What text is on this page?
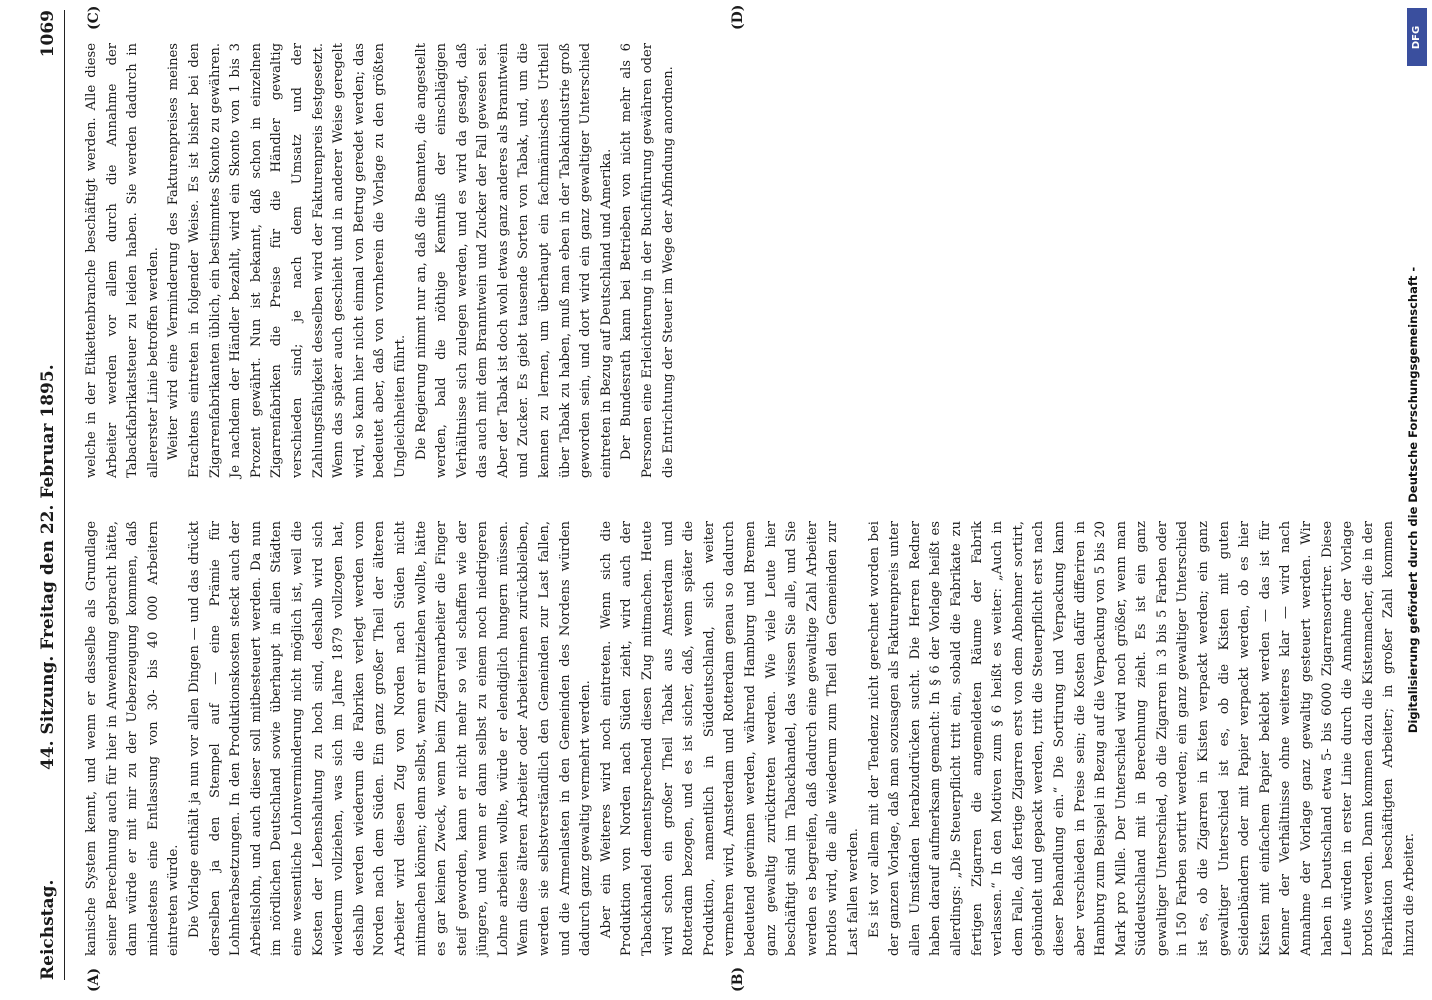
Reichstag.
44. Sitzung. Freitag den 22. Februar 1895.
1069
(A)	(B)
(C)	(D)

kanische System kennt, und wenn er dasselbe als Grundlage seiner Berechnung auch für hier in Anwendung gebracht hätte, dann würde er mit mir zu der Ueberzeugung kommen, daß mindestens eine Entlassung von 30- bis 40 000 Arbeitern eintreten würde. Die Vorlage enthält ja nun vor allen Dingen — und das drückt derselben ja den Stempel auf — eine Prämie für Lohnherabsetzungen. In den Produktionskosten steckt auch der Arbeitslohn, und auch dieser soll mitbesteuert werden. Da nun im nördlichen Deutschland sowie überhaupt in allen Städten eine wesentliche Lohnverminderung nicht möglich ist, weil die Kosten der Lebenshaltung zu hoch sind, deshalb wird sich wiederum vollziehen, was sich im Jahre 1879 vollzogen hat, deshalb werden wiederum die Fabriken verlegt werden vom Norden nach dem Süden. Ein ganz großer Theil der älteren Arbeiter wird diesen Zug von Norden nach Süden nicht mitmachen können; denn selbst, wenn er mitziehen wollte, hätte es gar keinen Zweck, wenn beim Zigarrenarbeiter die Finger steif geworden, kann er nicht mehr so viel schaffen wie der jüngere, und wenn er dann selbst zu einem noch niedrigeren Lohne arbeiten wollte, würde er elendiglich hungern müssen. Wenn diese älteren Arbeiter oder Arbeiterinnen zurückbleiben, werden sie selbstverständlich den Gemeinden zur Last fallen, und die Armenlasten in den Gemeinden des Nordens würden dadurch ganz gewaltig vermehrt werden. Aber ein Weiteres wird noch eintreten. Wenn sich die Produktion von Norden nach Süden zieht, wird auch der Tabackhandel dementsprechend diesen Zug mitmachen. Heute wird schon ein großer Theil Tabak aus Amsterdam und Rotterdam bezogen, und es ist sicher, daß, wenn später die Produktion, namentlich in Süddeutschland, sich weiter vermehren wird, Amsterdam und Rotterdam genau so dadurch bedeutend gewinnen werden, während Hamburg und Bremen ganz gewaltig zurücktreten werden. Wie viele Leute hier beschäftigt sind im Tabackhandel, das wissen Sie alle, und Sie werden es begreifen, daß dadurch eine gewaltige Zahl Arbeiter brotlos wird, die alle wiederum zum Theil den Gemeinden zur Last fallen werden. Es ist vor allem mit der Tendenz nicht gerechnet worden bei der ganzen Vorlage, daß man sozusagen als Fakturenpreis unter allen Umständen herabzudrücken sucht. Die Herren Redner haben darauf aufmerksam gemacht: In § 6 der Vorlage heißt es allerdings: „Die Steuerpflicht tritt ein, sobald die Fabrikate zu fertigen Zigarren die angemeldeten Räume der Fabrik verlassen.“ In den Motiven zum § 6 heißt es weiter: „Auch in dem Falle, daß fertige Zigarren erst von dem Abnehmer sortirt, gebündelt und gepackt werden, tritt die Steuerpflicht erst nach dieser Behandlung ein.“ Die Sortirung und Verpackung kann aber verschieden in Preise sein; die Kosten dafür differiren in Hamburg zum Beispiel in Bezug auf die Verpackung von 5 bis 20 Mark pro Mille. Der Unterschied wird noch größer, wenn man Süddeutschland mit in Berechnung zieht. Es ist ein ganz gewaltiger Unterschied, ob die Zigarren in 3 bis 5 Farben oder in 150 Farben sortirt werden; ein ganz gewaltiger Unterschied ist es, ob die Zigarren in Kisten verpackt werden; ein ganz gewaltiger Unterschied ist es, ob die Kisten mit guten Seidenbändern oder mit Papier verpackt werden, ob es hier Kisten mit einfachem Papier beklebt werden — das ist für Kenner der Verhältnisse ohne weiteres klar — wird nach Annahme der Vorlage ganz gewaltig gesteuert werden. Wir haben in Deutschland etwa 5- bis 6000 Zigarrensortirer. Diese Leute würden in erster Linie durch die Annahme der Vorlage brotlos werden. Dann kommen dazu die Kistenmacher, die in der Fabrikation beschäftigten Arbeiter; in großer Zahl kommen hinzu die Arbeiter.

welche in der Etikettenbranche beschäftigt werden. Alle diese Arbeiter werden vor allem durch die Annahme der Tabackfabrikatsteuer zu leiden haben. Sie werden dadurch in allererster Linie betroffen werden. Weiter wird eine Verminderung des Fakturenpreises meines Erachtens eintreten in folgender Weise. Es ist bisher bei den Zigarrenfabrikanten üblich, ein bestimmtes Skonto zu gewähren. Je nachdem der Händler bezahlt, wird ein Skonto von 1 bis 3 Prozent gewährt. Nun ist bekannt, daß schon in einzelnen Zigarrenfabriken die Preise für die Händler gewaltig verschieden sind; je nach dem Umsatz und der Zahlungsfähigkeit desselben wird der Fakturenpreis festgesetzt. Wenn das später auch geschieht und in anderer Weise geregelt wird, so kann hier nicht einmal von Betrug geredet werden; das bedeutet aber, daß von vornherein die Vorlage zu den größten Ungleichheiten führt. Die Regierung nimmt nur an, daß die Beamten, die angestellt werden, bald die nöthige Kenntniß der einschlägigen Verhältnisse sich zulegen werden, und es wird da gesagt, daß das auch mit dem Branntwein und Zucker der Fall gewesen sei. Aber der Tabak ist doch wohl etwas ganz anderes als Branntwein und Zucker. Es giebt tausende Sorten von Tabak, und, um die kennen zu lernen, um überhaupt ein fachmännisches Urtheil über Tabak zu haben, muß man eben in der Tabakindustrie groß geworden sein, und dort wird ein ganz gewaltiger Unterschied eintreten in Bezug auf Deutschland und Amerika. Der Bundesrath kann bei Betrieben von nicht mehr als 6 Personen eine Erleichterung in der Buchführung gewähren oder die Entrichtung der Steuer im Wege der Abfindung anordnen.

DFG
Digitalisierung gefördert durch die Deutsche Forschungsgemeinschaft -
